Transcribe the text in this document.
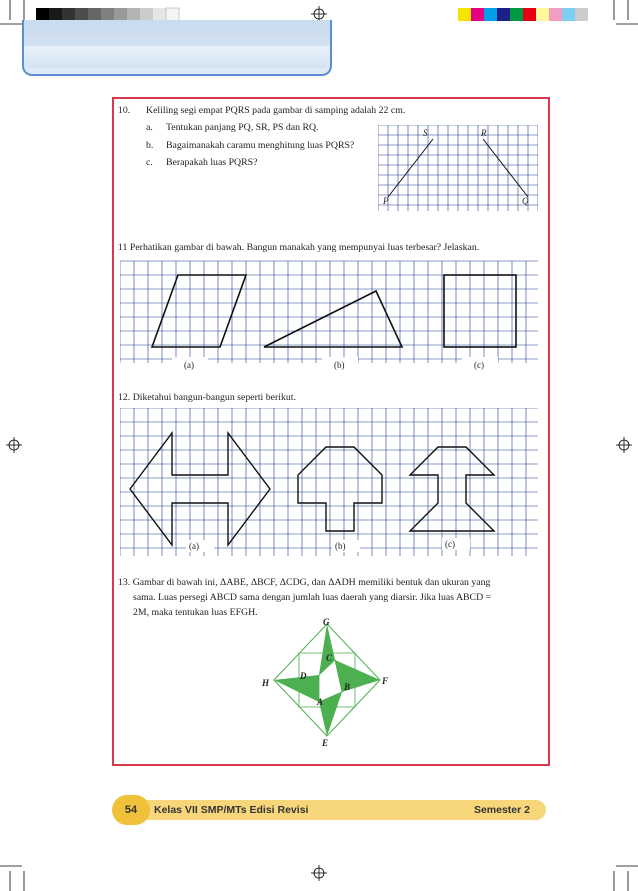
10. Keliling segi empat PQRS pada gambar di samping adalah 22 cm.
a. Tentukan panjang PQ, SR, PS dan RQ.
b. Bagaimanakah caramu menghitung luas PQRS?
c. Berapakah luas PQRS?
S	R
P	Q
11 Perhatikan gambar di bawah. Bangun manakah yang mempunyai luas terbesar? Jelaskan.
(a)	(b)	(c)
12. Diketahui bangun-bangun seperti berikut.
(a)	(b)	(c)
13. Gambar di bawah ini, ΔABE, ΔBCF, ΔCDG, dan ΔADH memiliki bentuk dan ukuran yang
sama. Luas persegi ABCD sama dengan jumlah luas daerah yang diarsir. Jika luas ABCD =
2M, maka tentukan luas EFGH.
G
C
D
H	B
F
A
E
Kelas VII SMP/MTs Edisi Revisi	Semester 2
54
